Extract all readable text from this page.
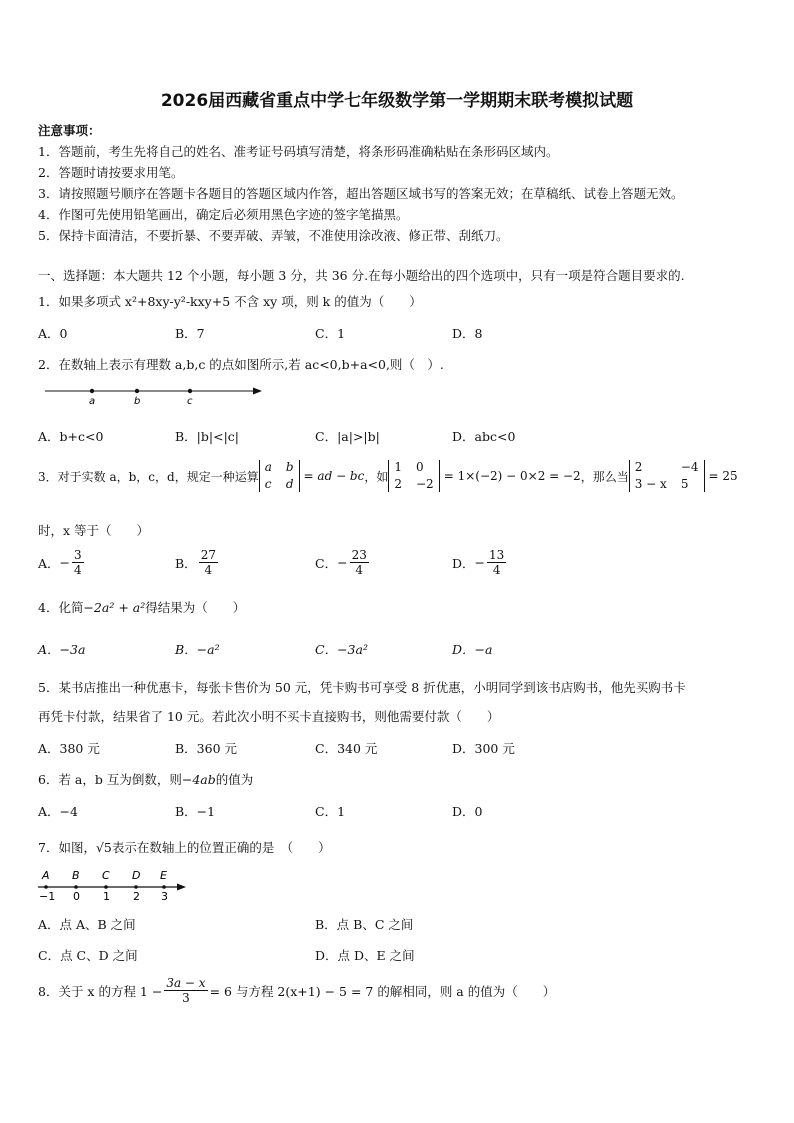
2026届西藏省重点中学七年级数学第一学期期末联考模拟试题
注意事项：
1．答题前，考生先将自己的姓名、准考证号码填写清楚，将条形码准确粘贴在条形码区域内。
2．答题时请按要求用笔。
3．请按照题号顺序在答题卡各题目的答题区域内作答，超出答题区域书写的答案无效；在草稿纸、试卷上答题无效。
4．作图可先使用铅笔画出，确定后必须用黑色字迹的签字笔描黑。
5．保持卡面清洁，不要折暴、不要弄破、弄皱，不准使用涂改液、修正带、刮纸刀。
一、选择题：本大题共 12 个小题，每小题 3 分，共 36 分.在每小题给出的四个选项中，只有一项是符合题目要求的.
1．如果多项式 x²+8xy-y²-kxy+5 不含 xy 项，则 k 的值为（　　）
A．0	B．7	C．1	D．8
2．在数轴上表示有理数 a,b,c 的点如图所示,若 ac<0,b+a<0,则（　）.
a	b	c
A．b+c<0	B．|b|<|c|	C．|a|>|b|	D．abc<0
3．对于实数 a，b，c，d，规定一种运算
a b
c d
= ad − bc ，如
1 0
2 −2
= 1×(−2) − 0×2 = −2 ，那么当
2	−4
3 − x 5
= 25
时，x 等于（　　）
A． − $\frac{3}{4}$	B． $\frac{27}{4}$	C． − $\frac{23}{4}$	D． − $\frac{13}{4}$
4．化简−2a² + a²得结果为（　　）
A．−3a	B．−a²	C．−3a²	D．−a
5．某书店推出一种优惠卡，每张卡售价为 50 元，凭卡购书可享受 8 折优惠，小明同学到该书店购书，他先买购书卡
再凭卡付款，结果省了 10 元。若此次小明不买卡直接购书，则他需要付款（　　）
A．380 元	B．360 元	C．340 元	D．300 元
6．若 a，b 互为倒数，则−4ab的值为
A．−4	B．−1	C．1	D．0
7．如图，√5表示在数轴上的位置正确的是　（　　）
A B C D E
−1 0 1 2 3
A．点 A、B 之间	B．点 B、C 之间
C．点 C、D 之间	D．点 D、E 之间
8．关于 x 的方程 $1 - \frac{3a - x}{3} = 6$ 与方程 2(x+1) − 5 = 7 的解相同，则 a 的值为（　　）
